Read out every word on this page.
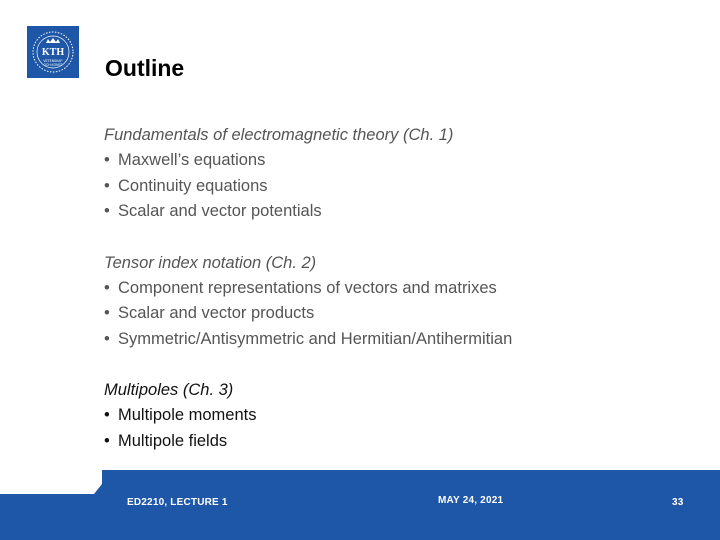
KTH
VETENSKAP
OCH KONST Outline
Fundamentals of electromagnetic theory (Ch. 1)
• Maxwell’s equations
• Continuity equations
• Scalar and vector potentials
Tensor index notation (Ch. 2)
• Component representations of vectors and matrixes
• Scalar and vector products
• Symmetric/Antisymmetric and Hermitian/Antihermitian
Multipoles (Ch. 3)
• Multipole moments
• Multipole fields
ED2210, LECTURE 1	MAY 24, 2021	33
